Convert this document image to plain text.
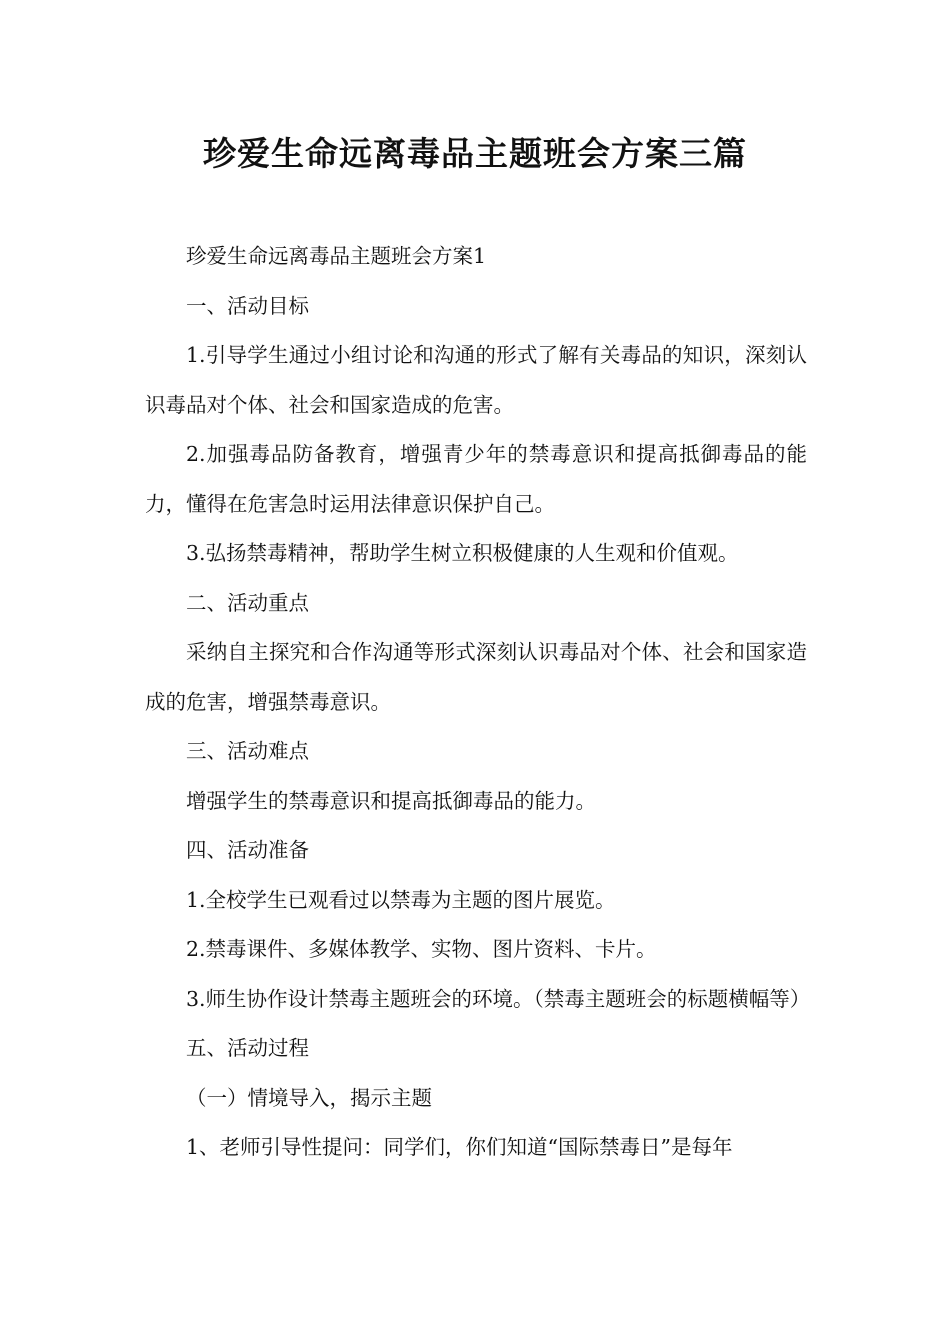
珍爱生命远离毒品主题班会方案三篇

珍爱生命远离毒品主题班会方案1

一、活动目标

1.引导学生通过小组讨论和沟通的形式了解有关毒品的知识，深刻认识毒品对个体、社会和国家造成的危害。

2.加强毒品防备教育，增强青少年的禁毒意识和提高抵御毒品的能力，懂得在危害急时运用法律意识保护自己。

3.弘扬禁毒精神，帮助学生树立积极健康的人生观和价值观。

二、活动重点

采纳自主探究和合作沟通等形式深刻认识毒品对个体、社会和国家造成的危害，增强禁毒意识。

三、活动难点

增强学生的禁毒意识和提高抵御毒品的能力。

四、活动准备

1.全校学生已观看过以禁毒为主题的图片展览。

2.禁毒课件、多媒体教学、实物、图片资料、卡片。

3.师生协作设计禁毒主题班会的环境。（禁毒主题班会的标题横幅等）

五、活动过程

（一）情境导入，揭示主题

1、老师引导性提问：同学们，你们知道“国际禁毒日”是每年
